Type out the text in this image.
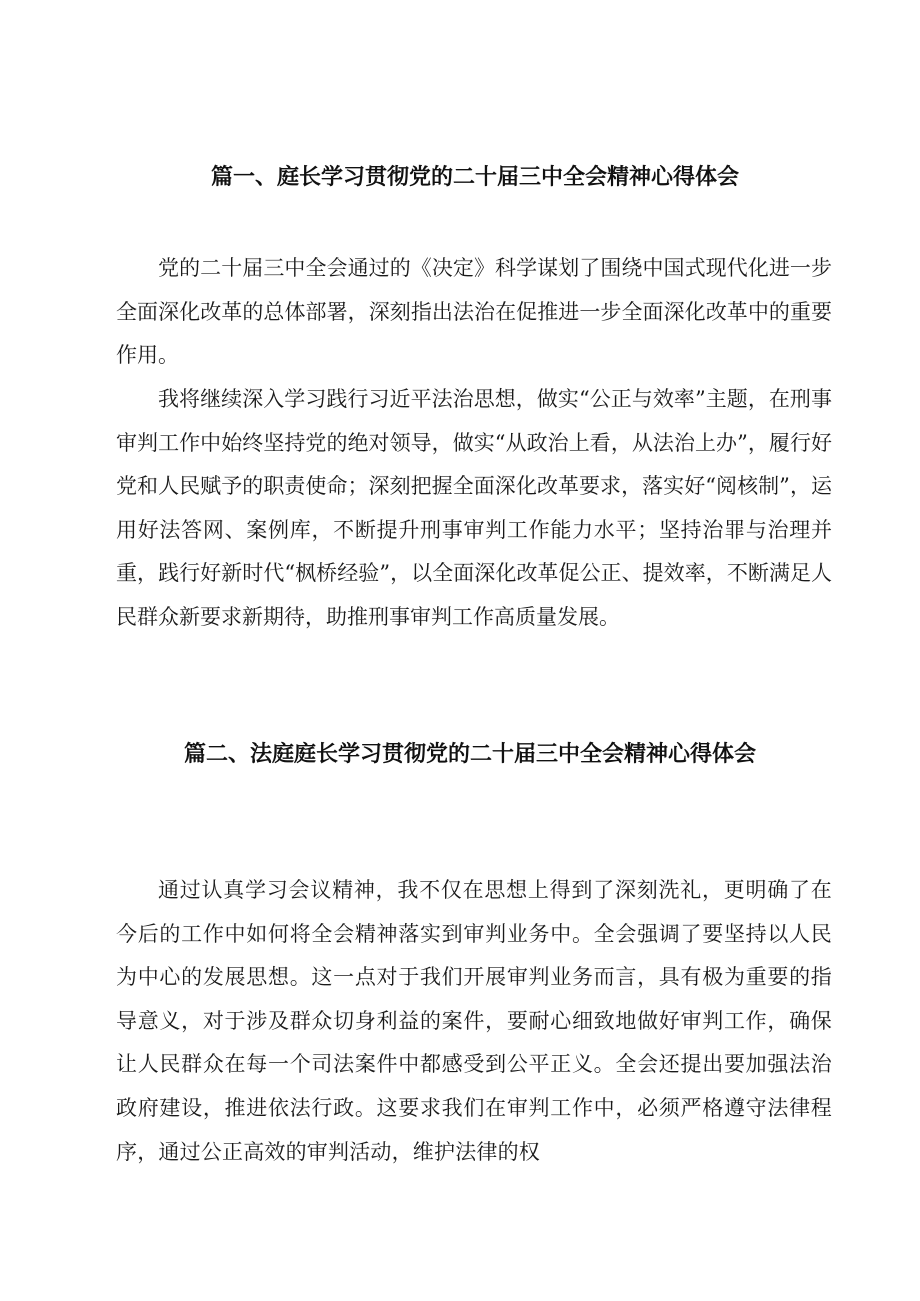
篇一、庭长学习贯彻党的二十届三中全会精神心得体会

党的二十届三中全会通过的《决定》科学谋划了围绕中国式现代化进一步全面深化改革的总体部署，深刻指出法治在促推进一步全面深化改革中的重要作用。

我将继续深入学习践行习近平法治思想，做实“公正与效率”主题，在刑事审判工作中始终坚持党的绝对领导，做实“从政治上看，从法治上办”，履行好党和人民赋予的职责使命；深刻把握全面深化改革要求，落实好“阅核制”，运用好法答网、案例库，不断提升刑事审判工作能力水平；坚持治罪与治理并重，践行好新时代“枫桥经验”，以全面深化改革促公正、提效率，不断满足人民群众新要求新期待，助推刑事审判工作高质量发展。

篇二、法庭庭长学习贯彻党的二十届三中全会精神心得体会

通过认真学习会议精神，我不仅在思想上得到了深刻洗礼，更明确了在今后的工作中如何将全会精神落实到审判业务中。全会强调了要坚持以人民为中心的发展思想。这一点对于我们开展审判业务而言，具有极为重要的指导意义，对于涉及群众切身利益的案件，要耐心细致地做好审判工作，确保让人民群众在每一个司法案件中都感受到公平正义。全会还提出要加强法治政府建设，推进依法行政。这要求我们在审判工作中，必须严格遵守法律程序，通过公正高效的审判活动，维护法律的权
